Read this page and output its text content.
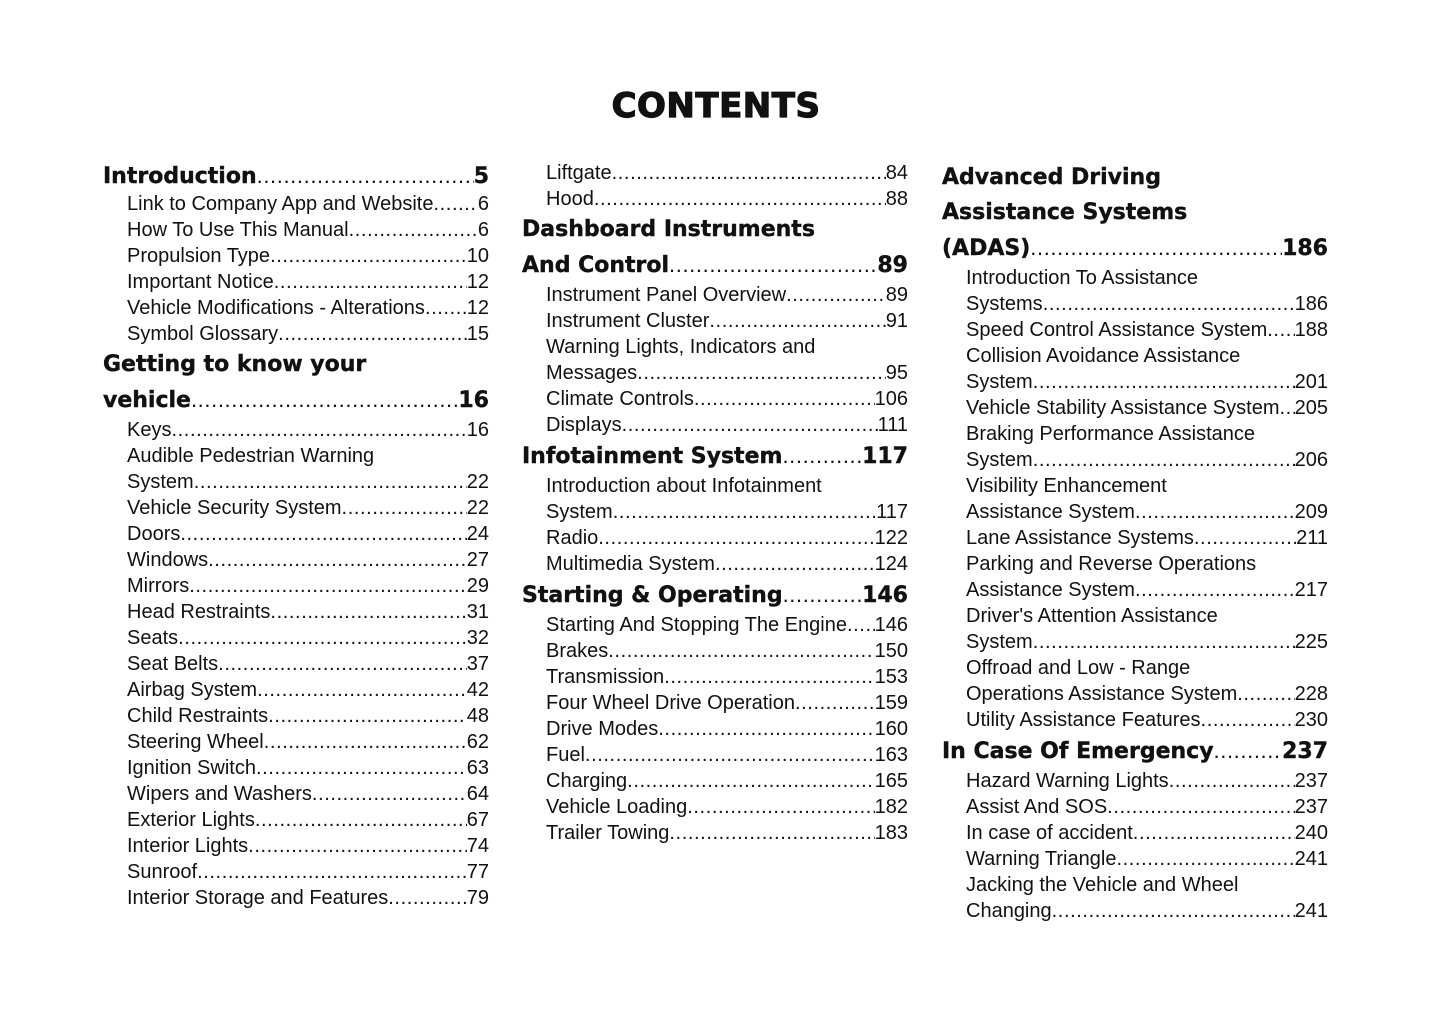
CONTENTS
Introduction .....	5
Link to Company App and Website ..... 6
How To Use This Manual .....	6
Propulsion Type .....	10
Important Notice .....	12
Vehicle Modifications - Alterations ..... 12
Symbol Glossary .....	15
Getting to know your
vehicle .....	16
Keys .....	16
Audible Pedestrian Warning
System .....	22
Vehicle Security System .....	22
Doors .....	24
Windows .....	27
Mirrors .....	29
Head Restraints .....	31
Seats .....	32
Seat Belts .....	37
Airbag System .....	42
Child Restraints .....	48
Steering Wheel .....	62
Ignition Switch .....	63
Wipers and Washers .....	64
Exterior Lights .....	67
Interior Lights .....	74
Sunroof .....	77
Interior Storage and Features .....	79
Liftgate .....	84
Hood .....	88
Dashboard Instruments
And Control .....	89
Instrument Panel Overview .....	89
Instrument Cluster .....	91
Warning Lights, Indicators and
Messages .....	95
Climate Controls .....	106
Displays .....	111
Infotainment System .....	117
Introduction about Infotainment
System .....	117
Radio .....	122
Multimedia System .....	124
Starting & Operating .....	146
Starting And Stopping The Engine ..... 146
Brakes .....	150
Transmission .....	153
Four Wheel Drive Operation .....	159
Drive Modes .....	160
Fuel .....	163
Charging .....	165
Vehicle Loading .....	182
Trailer Towing .....	183
Advanced Driving
Assistance Systems
(ADAS) .....	186
Introduction To Assistance
Systems .....	186
Speed Control Assistance System ..... 188
Collision Avoidance Assistance
System .....	201
Vehicle Stability Assistance System ..... 205
Braking Performance Assistance
System .....	206
Visibility Enhancement
Assistance System .....	209
Lane Assistance Systems .....	211
Parking and Reverse Operations
Assistance System .....	217
Driver's Attention Assistance
System .....	225
Offroad and Low - Range
Operations Assistance System .....	228
Utility Assistance Features .....	230
In Case Of Emergency .....	237
Hazard Warning Lights .....	237
Assist And SOS .....	237
In case of accident .....	240
Warning Triangle .....	241
Jacking the Vehicle and Wheel
Changing .....	241
